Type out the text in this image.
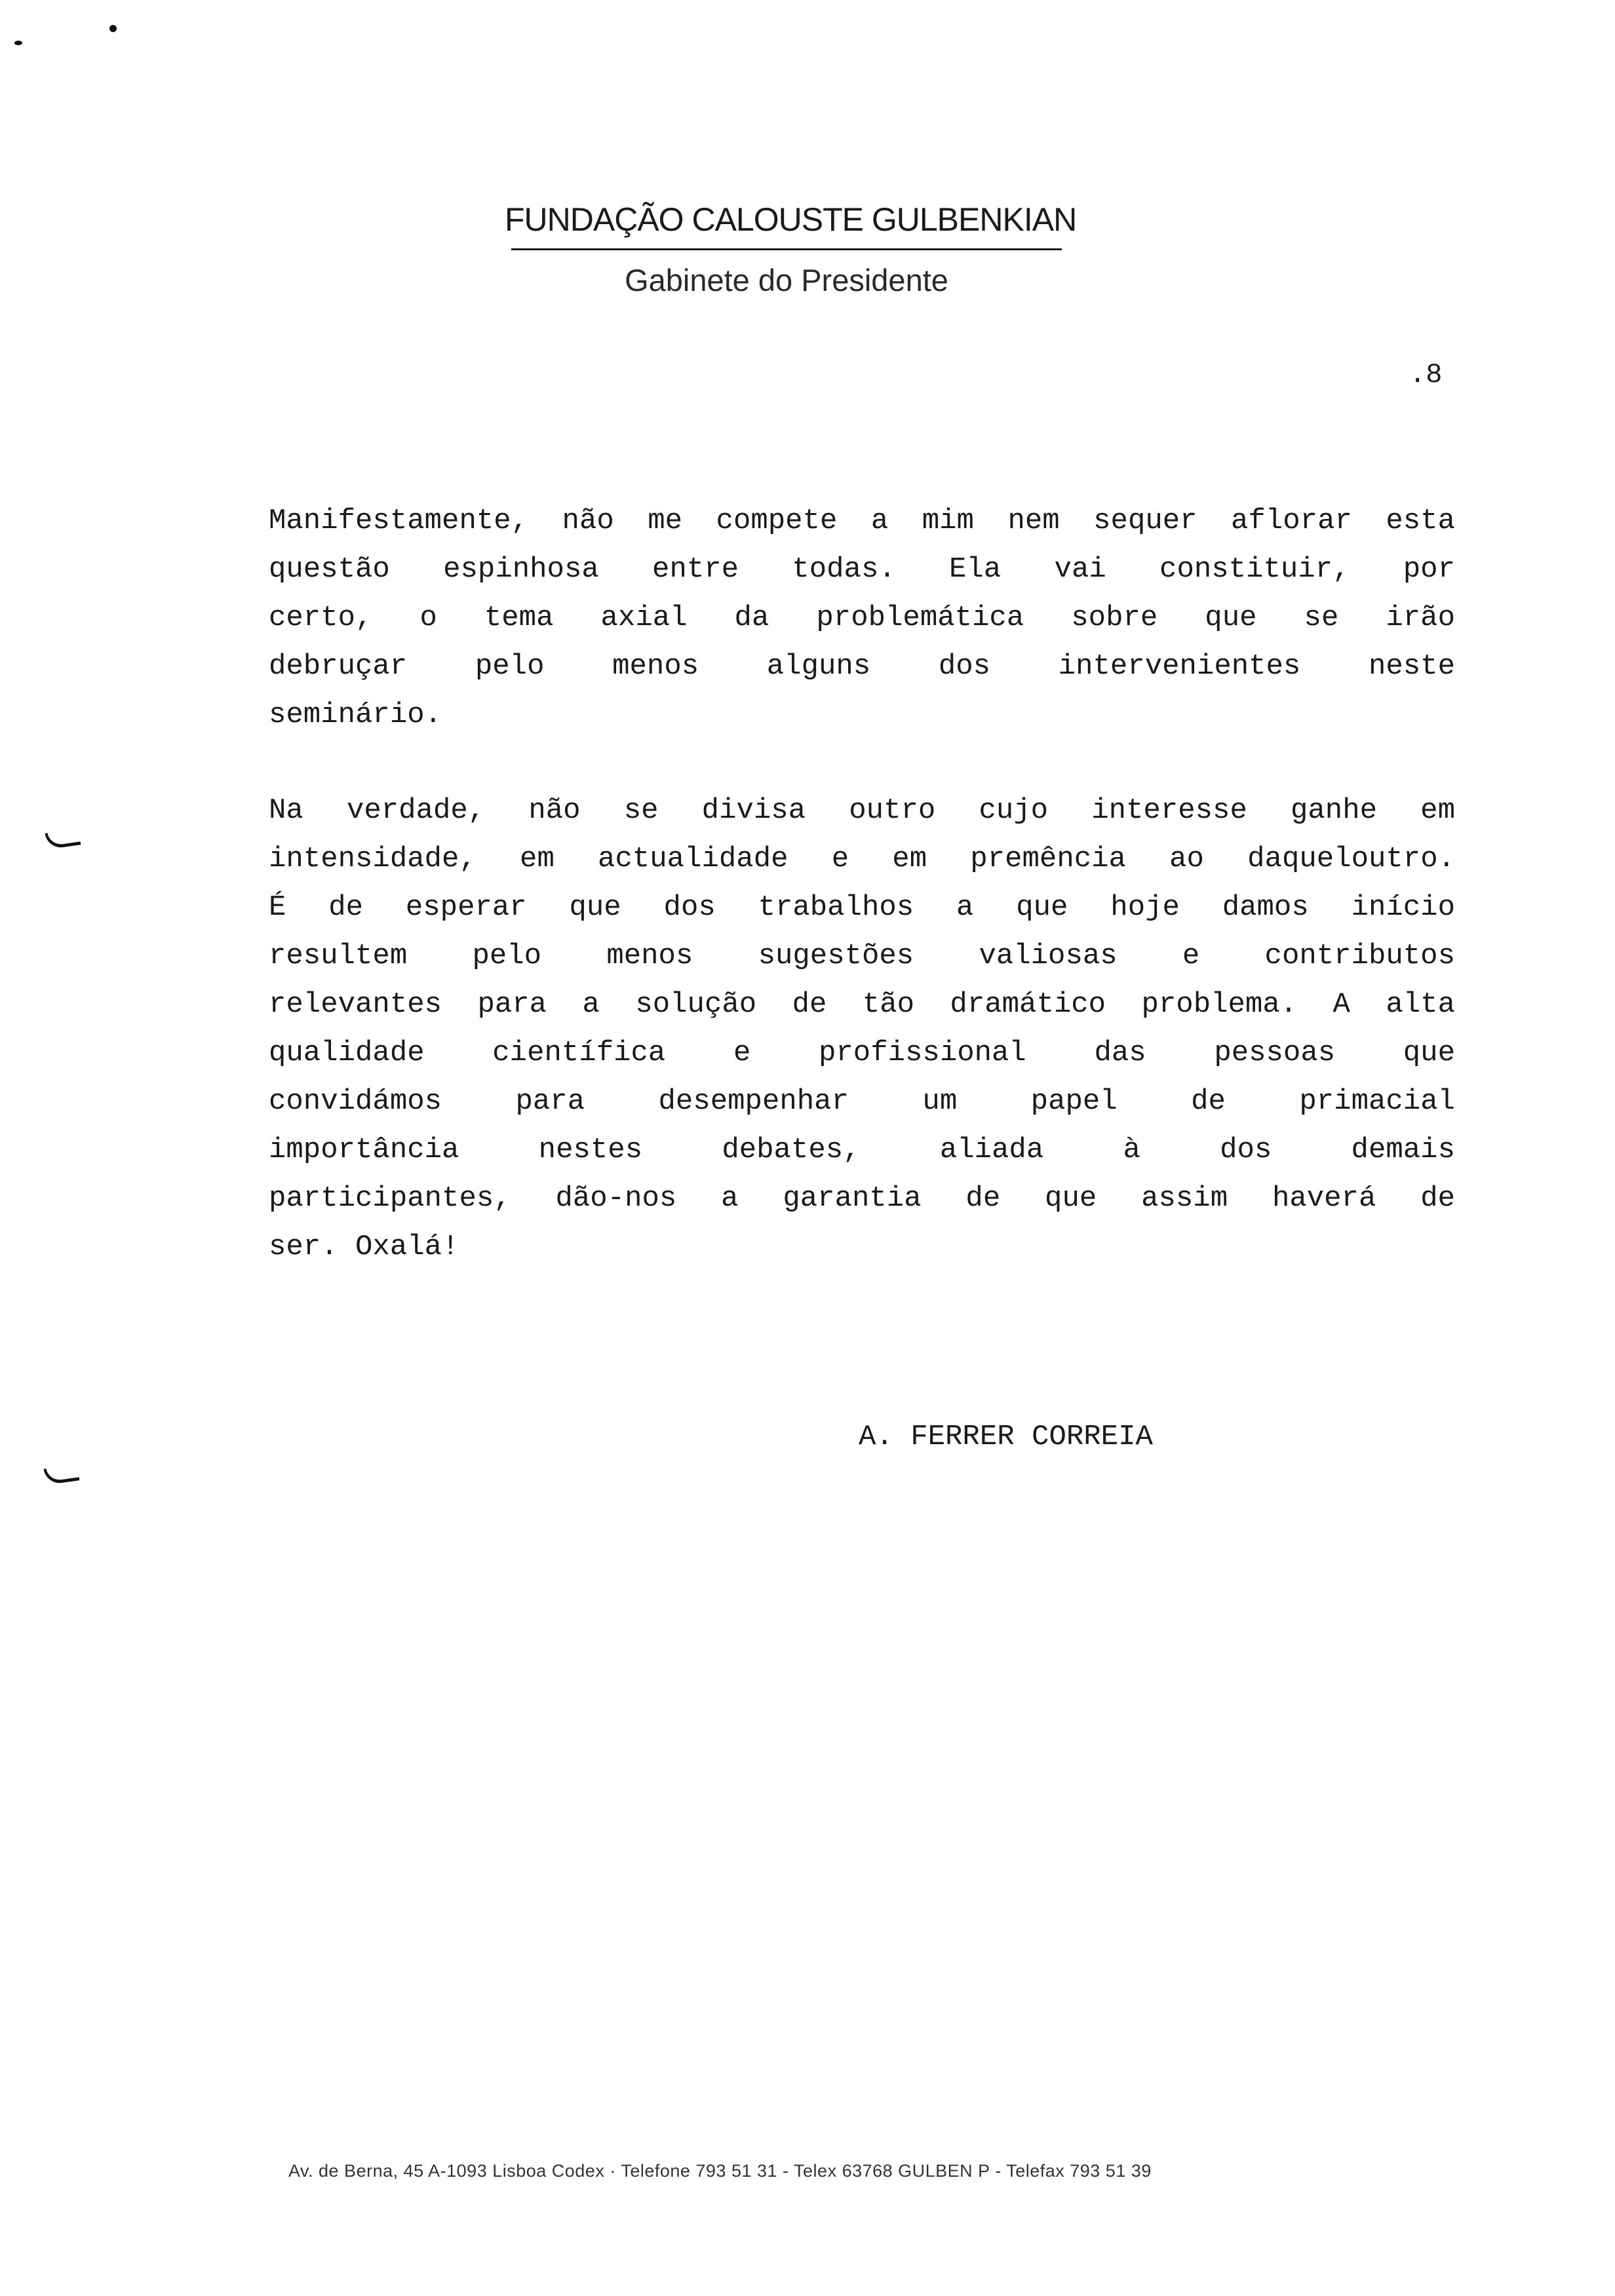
FUNDAÇÃO CALOUSTE GULBENKIAN
Gabinete do Presidente
.8
Manifestamente, não me compete a mim nem sequer aflorar esta
questão espinhosa entre todas. Ela vai constituir, por
certo, o tema axial da problemática sobre que se irão
debruçar pelo menos alguns dos intervenientes neste
seminário.
Na verdade, não se divisa outro cujo interesse ganhe em
intensidade, em actualidade e em premência ao daqueloutro.
É de esperar que dos trabalhos a que hoje damos início
resultem pelo menos sugestões valiosas e contributos
relevantes para a solução de tão dramático problema. A alta
qualidade científica e profissional das pessoas que
convidámos para desempenhar um papel de primacial
importância nestes debates, aliada à dos demais
participantes, dão-nos a garantia de que assim haverá de
ser. Oxalá!
A. FERRER CORREIA
Av. de Berna, 45 A-1093 Lisboa Codex · Telefone 793 51 31 - Telex 63768 GULBEN P - Telefax 793 51 39
